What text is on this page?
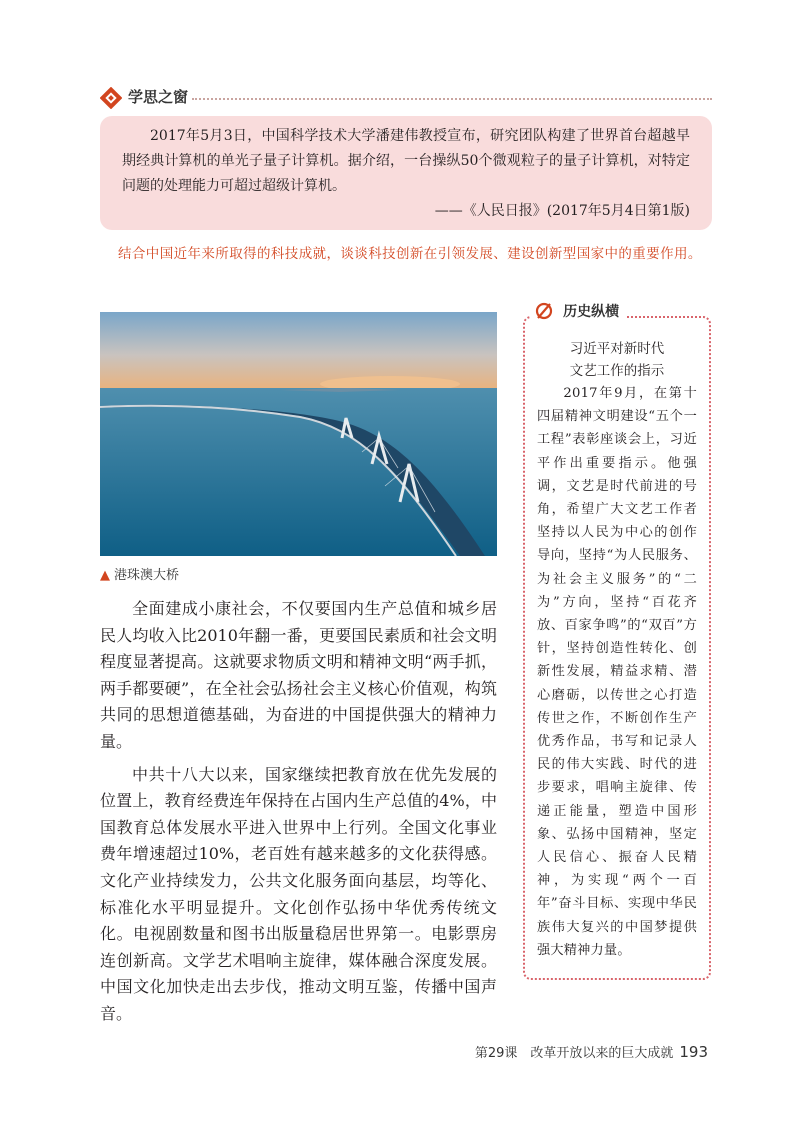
学思之窗

2017年5月3日，中国科学技术大学潘建伟教授宣布，研究团队构建了世界首台超越早期经典计算机的单光子量子计算机。据介绍，一台操纵50个微观粒子的量子计算机，对特定问题的处理能力可超过超级计算机。

——《人民日报》(2017年5月4日第1版)

结合中国近年来所取得的科技成就，谈谈科技创新在引领发展、建设创新型国家中的重要作用。
▲ 港珠澳大桥

全面建成小康社会，不仅要国内生产总值和城乡居民人均收入比2010年翻一番，更要国民素质和社会文明程度显著提高。这就要求物质文明和精神文明“两手抓，两手都要硬”，在全社会弘扬社会主义核心价值观，构筑共同的思想道德基础，为奋进的中国提供强大的精神力量。

中共十八大以来，国家继续把教育放在优先发展的位置上，教育经费连年保持在占国内生产总值的4%，中国教育总体发展水平进入世界中上行列。全国文化事业费年增速超过10%，老百姓有越来越多的文化获得感。文化产业持续发力，公共文化服务面向基层，均等化、标准化水平明显提升。文化创作弘扬中华优秀传统文化。电视剧数量和图书出版量稳居世界第一。电影票房连创新高。文学艺术唱响主旋律，媒体融合深度发展。中国文化加快走出去步伐，推动文明互鉴，传播中国声音。

习近平对新时代

文艺工作的指示

2017年9月，在第十四届精神文明建设“五个一工程”表彰座谈会上，习近平作出重要指示。他强调，文艺是时代前进的号角，希望广大文艺工作者坚持以人民为中心的创作导向，坚持“为人民服务、为社会主义服务”的“二为”方向，坚持“百花齐放、百家争鸣”的“双百”方针，坚持创造性转化、创新性发展，精益求精、潜心磨砺，以传世之心打造传世之作，不断创作生产优秀作品，书写和记录人民的伟大实践、时代的进步要求，唱响主旋律、传递正能量，塑造中国形象、弘扬中国精神，坚定人民信心、振奋人民精神，为实现“两个一百年”奋斗目标、实现中华民族伟大复兴的中国梦提供强大精神力量。

历史纵横
第29课　改革开放以来的巨大成就 193
